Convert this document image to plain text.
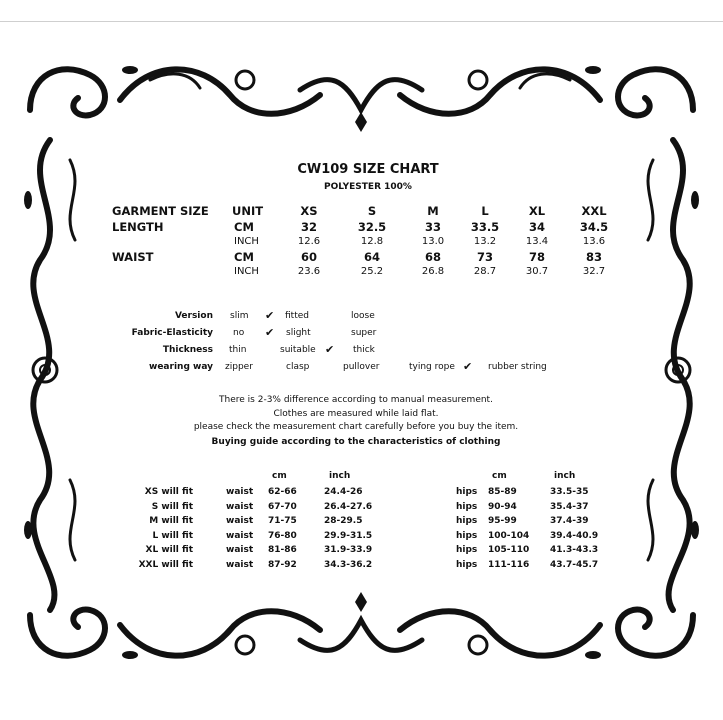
CW109 SIZE CHART
POLYESTER 100%
GARMENT SIZE UNIT	XS	S	M	L	XL	XXL
LENGTH	CM	32	32.5	33	33.5	34	34.5
INCH	12.6	12.8	13.0	13.2	13.4	13.6
WAIST	CM	60	64	68	73	78	83
INCH	23.6	25.2	26.8	28.7	30.7	32.7
Version slim ✔ fitted	loose
Fabric-Elasticity no ✔ slight	super
Thickness thin	suitable ✔ thick
wearing way zipper	clasp	pullover	tying rope ✔ rubber string
There is 2-3% difference according to manual measurement.
Clothes are measured while laid flat.
please check the measurement chart carefully before you buy the item.
Buying guide according to the characteristics of clothing
cm	inch	cm	inch
XS will fit	waist 62-66	24.4-26	hips 85-89	33.5-35
S will fit	waist 67-70	26.4-27.6	hips 90-94	35.4-37
M will fit	waist 71-75	28-29.5	hips 95-99	37.4-39
L will fit	waist 76-80	29.9-31.5	hips 100-104 39.4-40.9
XL will fit	waist 81-86	31.9-33.9	hips 105-110 41.3-43.3
XXL will fit	waist 87-92	34.3-36.2	hips 111-116 43.7-45.7
